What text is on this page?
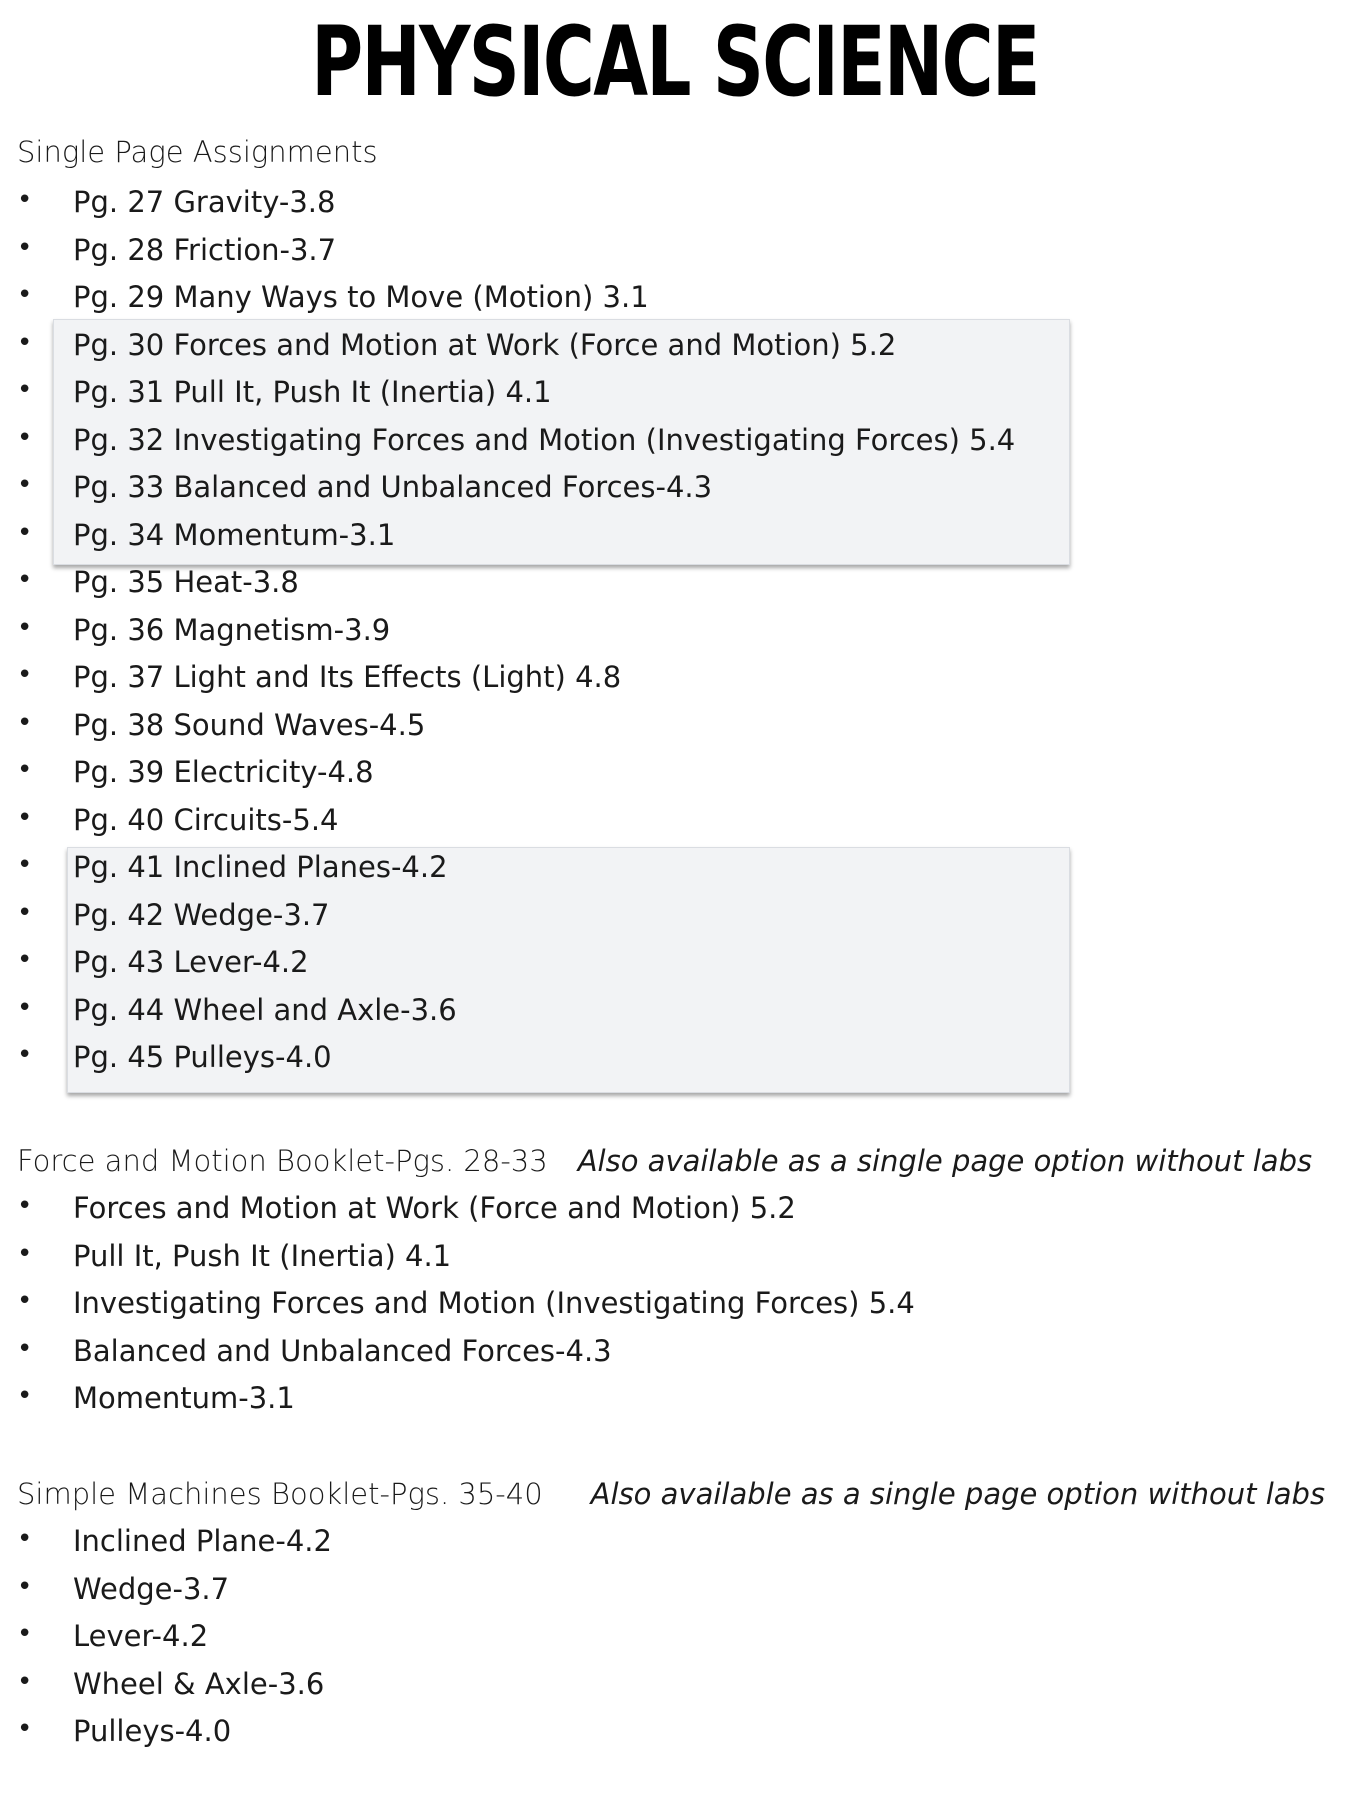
PHYSICAL SCIENCE
Single Page Assignments
• Pg. 27 Gravity-3.8
• Pg. 28 Friction-3.7
• Pg. 29 Many Ways to Move (Motion) 3.1
• Pg. 30 Forces and Motion at Work (Force and Motion) 5.2
• Pg. 31 Pull It, Push It (Inertia) 4.1
• Pg. 32 Investigating Forces and Motion (Investigating Forces) 5.4
• Pg. 33 Balanced and Unbalanced Forces-4.3
• Pg. 34 Momentum-3.1
• Pg. 35 Heat-3.8
• Pg. 36 Magnetism-3.9
• Pg. 37 Light and Its Effects (Light) 4.8
• Pg. 38 Sound Waves-4.5
• Pg. 39 Electricity-4.8
• Pg. 40 Circuits-5.4
• Pg. 41 Inclined Planes-4.2
• Pg. 42 Wedge-3.7
• Pg. 43 Lever-4.2
• Pg. 44 Wheel and Axle-3.6
• Pg. 45 Pulleys-4.0
Force and Motion Booklet-Pgs. 28-33 Also available as a single page option without labs
• Forces and Motion at Work (Force and Motion) 5.2
• Pull It, Push It (Inertia) 4.1
• Investigating Forces and Motion (Investigating Forces) 5.4
• Balanced and Unbalanced Forces-4.3
• Momentum-3.1
Simple Machines Booklet-Pgs. 35-40 Also available as a single page option without labs
• Inclined Plane-4.2
• Wedge-3.7
• Lever-4.2
• Wheel & Axle-3.6
• Pulleys-4.0
